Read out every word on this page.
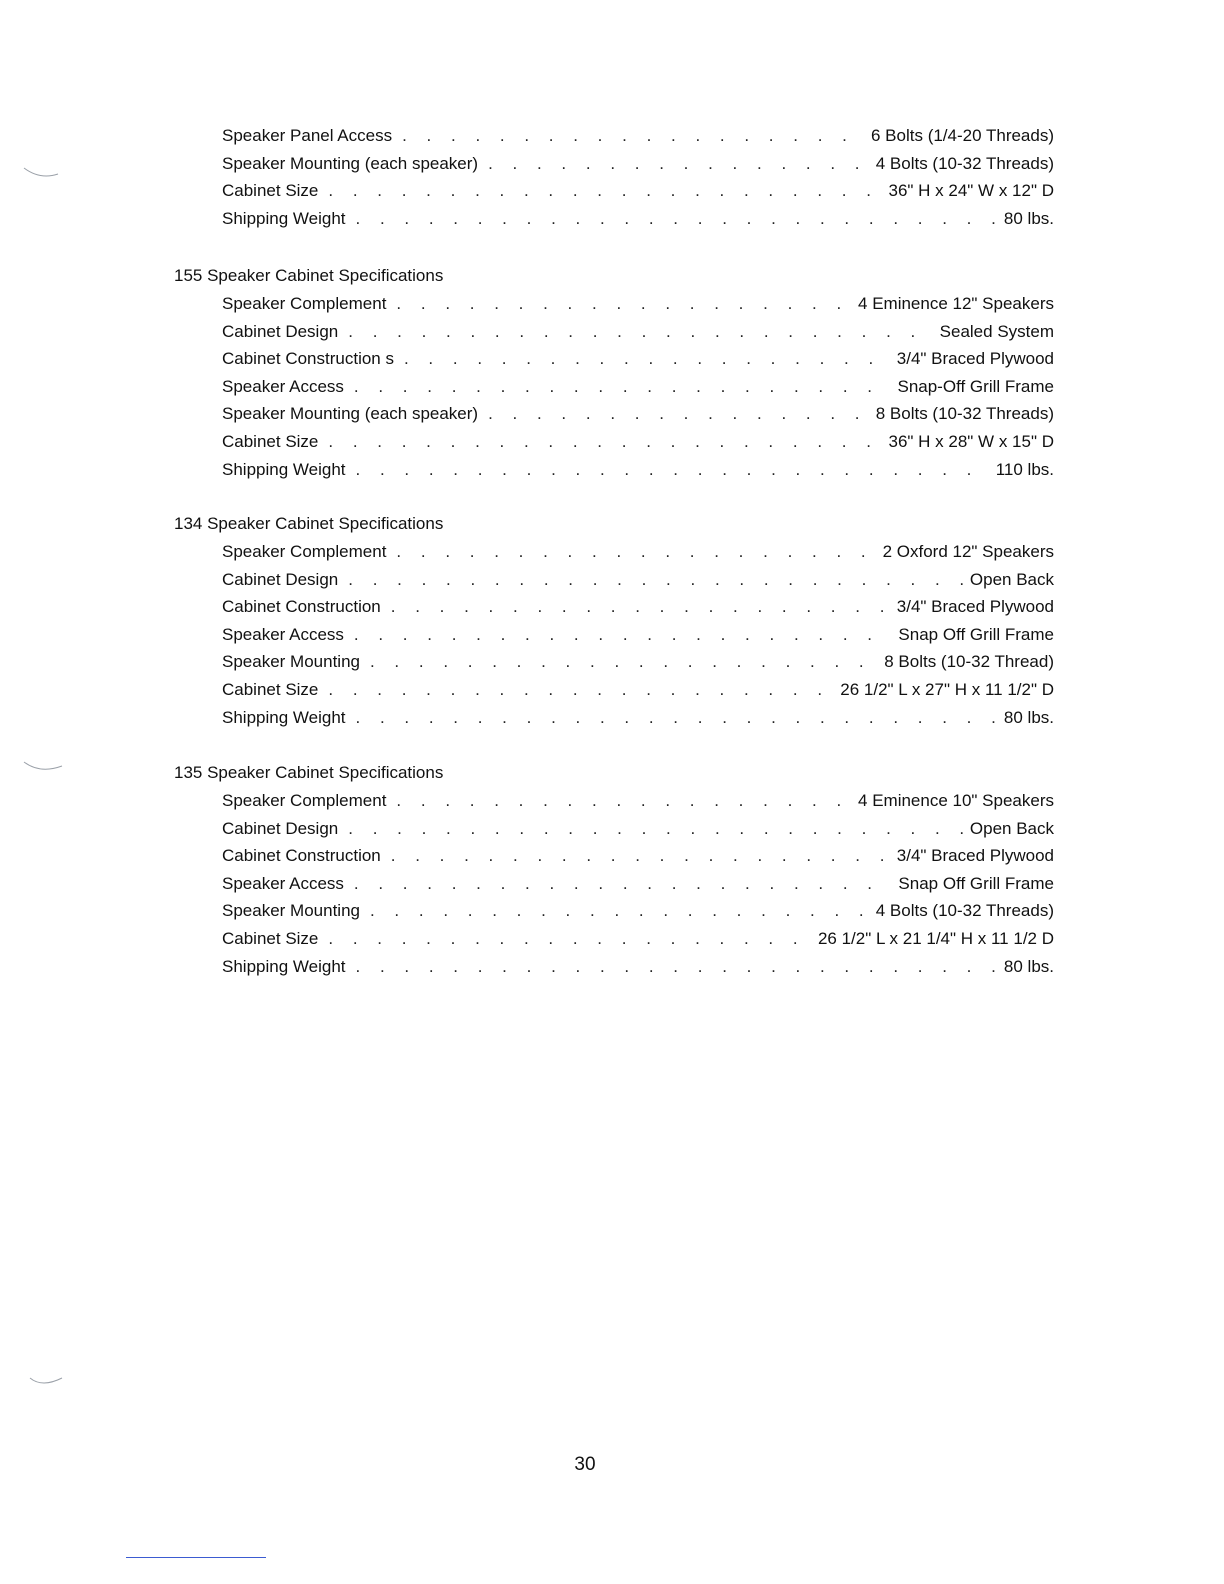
Speaker Panel Access . . .	6 Bolts (1/4-20 Threads)
Speaker Mounting (each speaker) . . .	4 Bolts (10-32 Threads)
Cabinet Size . . .	36" H x 24" W x 12" D
Shipping Weight . . .	80 lbs.
155 Speaker Cabinet Specifications
Speaker Complement . . .	4 Eminence 12" Speakers
Cabinet Design . . .	Sealed System
Cabinet Construction s . . .	3/4" Braced Plywood
Speaker Access . . .	Snap-Off Grill Frame
Speaker Mounting (each speaker) . . .	8 Bolts (10-32 Threads)
Cabinet Size . . .	36" H x 28" W x 15" D
Shipping Weight . . .	110 lbs.
134 Speaker Cabinet Specifications
Speaker Complement . . .	2 Oxford 12" Speakers
Cabinet Design . . .	Open Back
Cabinet Construction . . .	3/4" Braced Plywood
Speaker Access . . .	Snap Off Grill Frame
Speaker Mounting . . .	8 Bolts (10-32 Thread)
Cabinet Size . . .	26 1/2" L x 27" H x 11 1/2" D
Shipping Weight . . .	80 lbs.
135 Speaker Cabinet Specifications
Speaker Complement . . .	4 Eminence 10" Speakers
Cabinet Design . . .	Open Back
Cabinet Construction . . .	3/4" Braced Plywood
Speaker Access . . .	Snap Off Grill Frame
Speaker Mounting . . .	4 Bolts (10-32 Threads)
Cabinet Size . . .	26 1/2" L x 21 1/4" H x 11 1/2 D
Shipping Weight . . .	80 lbs.
30
